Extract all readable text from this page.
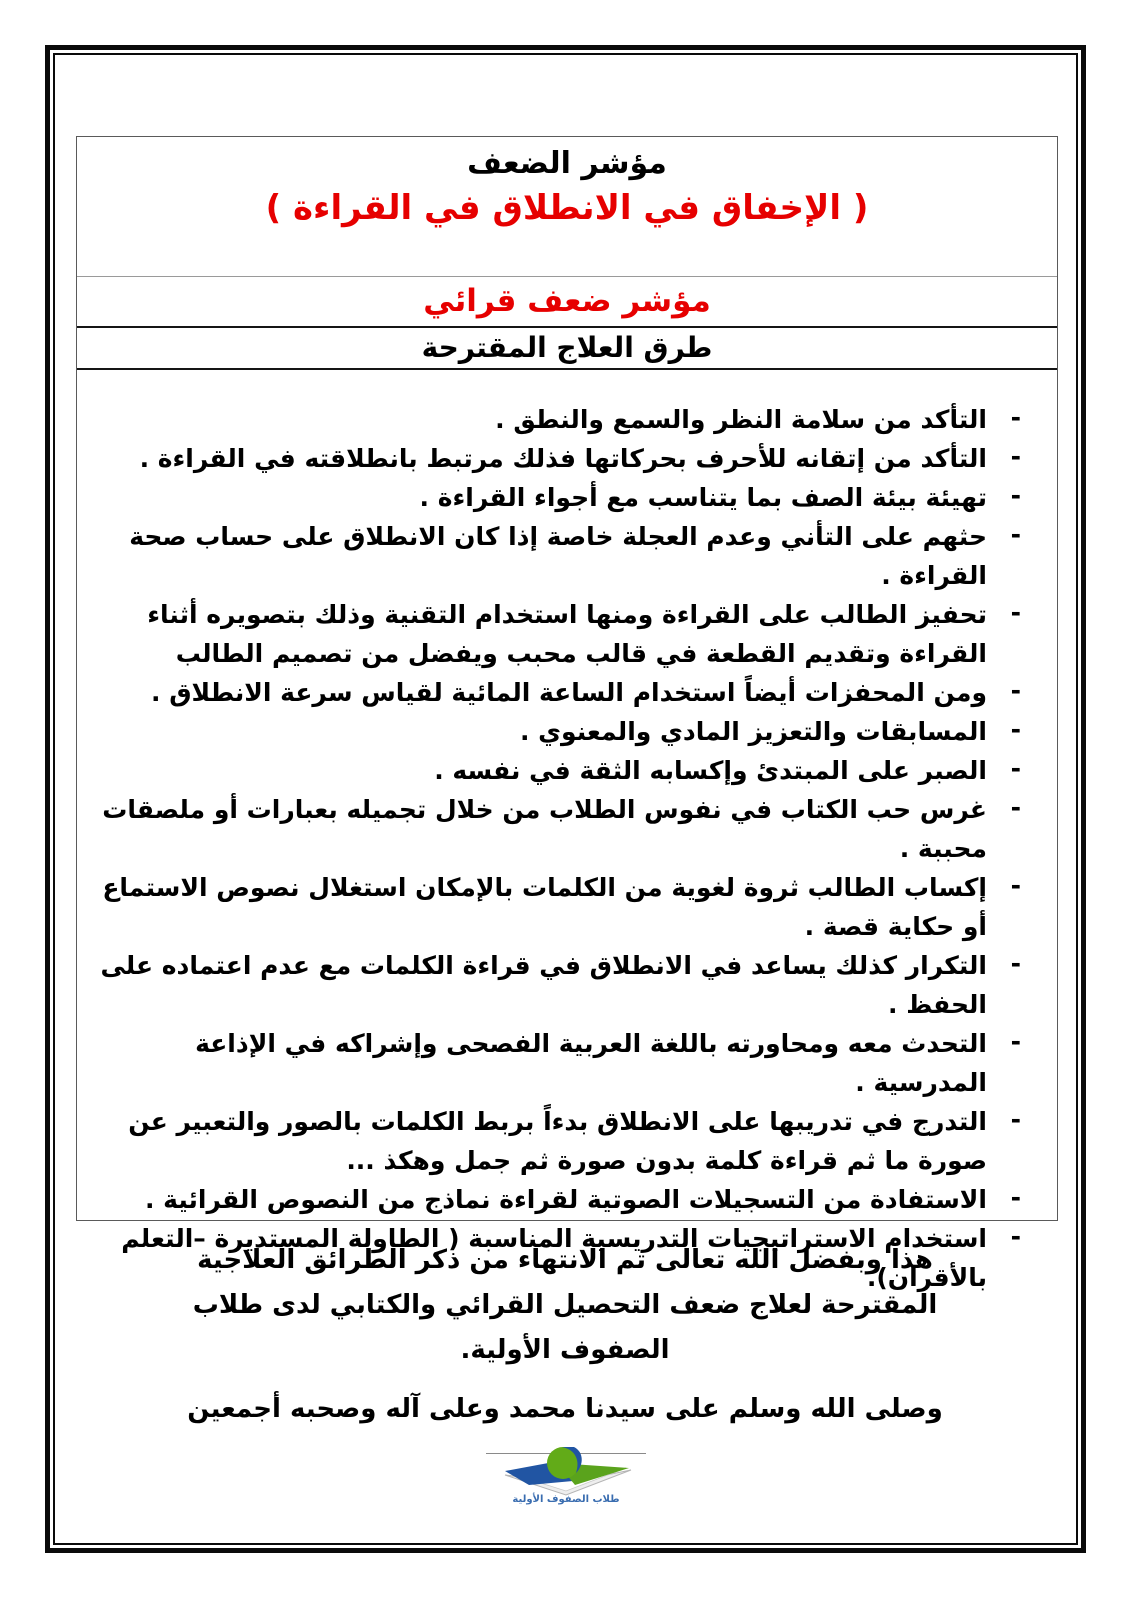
مؤشر الضعف
( الإخفاق في الانطلاق في القراءة )
مؤشر ضعف قرائي
طرق العلاج المقترحة
-
التأكد من سلامة النظر والسمع والنطق .
-
التأكد من إتقانه للأحرف بحركاتها فذلك مرتبط بانطلاقته في القراءة .
-
تهيئة بيئة الصف بما يتناسب مع أجواء القراءة .
-
حثهم على التأني وعدم العجلة خاصة إذا كان الانطلاق على حساب صحة القراءة .
-
تحفيز الطالب على القراءة ومنها استخدام التقنية وذلك بتصويره أثناء القراءة وتقديم القطعة في قالب محبب ويفضل من تصميم الطالب
-
ومن المحفزات أيضاً استخدام الساعة المائية لقياس سرعة الانطلاق .
-
المسابقات والتعزيز المادي والمعنوي .
-
الصبر على المبتدئ وإكسابه الثقة في نفسه .
-
غرس حب الكتاب في نفوس الطلاب من خلال تجميله بعبارات أو ملصقات محببة .
-
إكساب الطالب ثروة لغوية من الكلمات بالإمكان استغلال نصوص الاستماع أو حكاية قصة .
-
التكرار كذلك يساعد في الانطلاق في قراءة الكلمات مع عدم اعتماده على الحفظ .
-
التحدث معه ومحاورته باللغة العربية الفصحى وإشراكه في الإذاعة المدرسية .
-
التدرج في تدريبها على الانطلاق بدءاً بربط الكلمات بالصور والتعبير عن صورة ما ثم قراءة كلمة بدون صورة ثم جمل وهكذ ...
-
الاستفادة من التسجيلات الصوتية لقراءة نماذج من النصوص القرائية .
-
استخدام الاستراتيجيات التدريسية المناسبة ( الطاولة المستديرة –التعلم بالأقران).
هذا وبفضل الله تعالى تم الانتهاء من ذكر الطرائق العلاجية المقترحة لعلاج ضعف التحصيل القرائي والكتابي لدى طلاب الصفوف الأولية.
وصلى الله وسلم على سيدنا محمد وعلى آله وصحبه أجمعين
طلاب الصفوف الأولية
